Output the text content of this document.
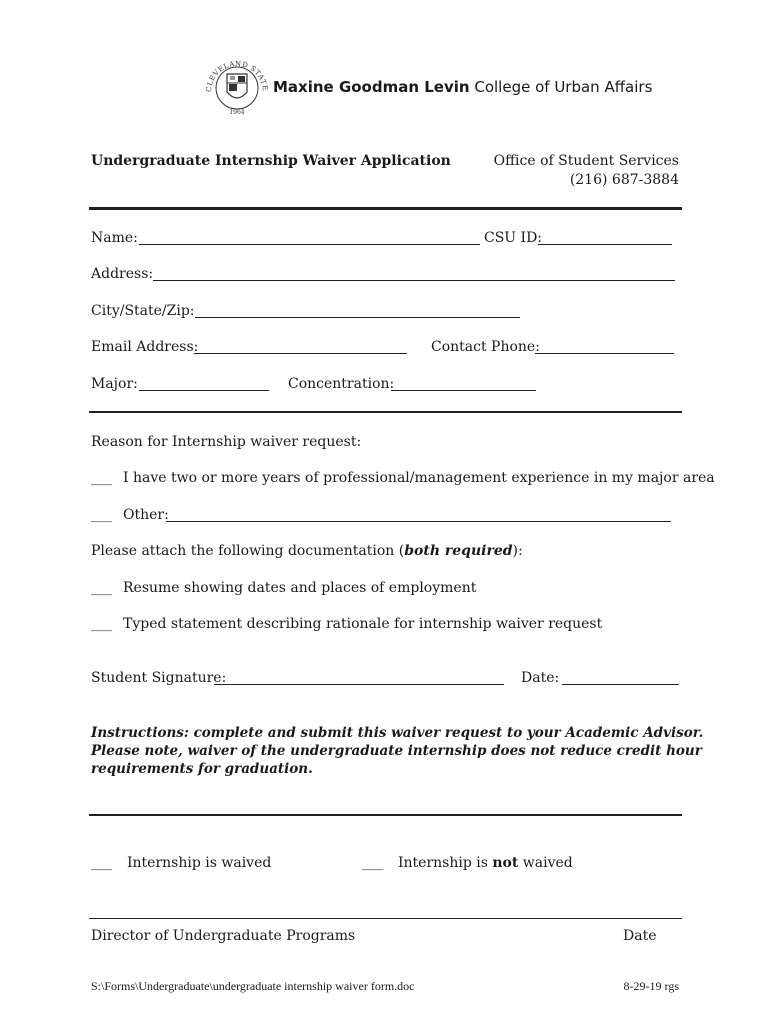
CLEVELAND STATE
1964
Maxine Goodman Levin College of Urban Affairs
Undergraduate Internship Waiver Application	Office of Student Services
(216) 687-3884
Name:	CSU ID:
Address:
City/State/Zip:
Email Address:	Contact Phone:
Major:	Concentration:
Reason for Internship waiver request:
___ I have two or more years of professional/management experience in my major area
___ Other:
Please attach the following documentation (both required):
___ Resume showing dates and places of employment
___ Typed statement describing rationale for internship waiver request
Student Signature:	Date:
Instructions: complete and submit this waiver request to your Academic Advisor.
Please note, waiver of the undergraduate internship does not reduce credit hour
requirements for graduation.
___ Internship is waived	___ Internship is not waived
Director of Undergraduate Programs	Date
S:\Forms\Undergraduate\undergraduate internship waiver form.doc	8-29-19 rgs
